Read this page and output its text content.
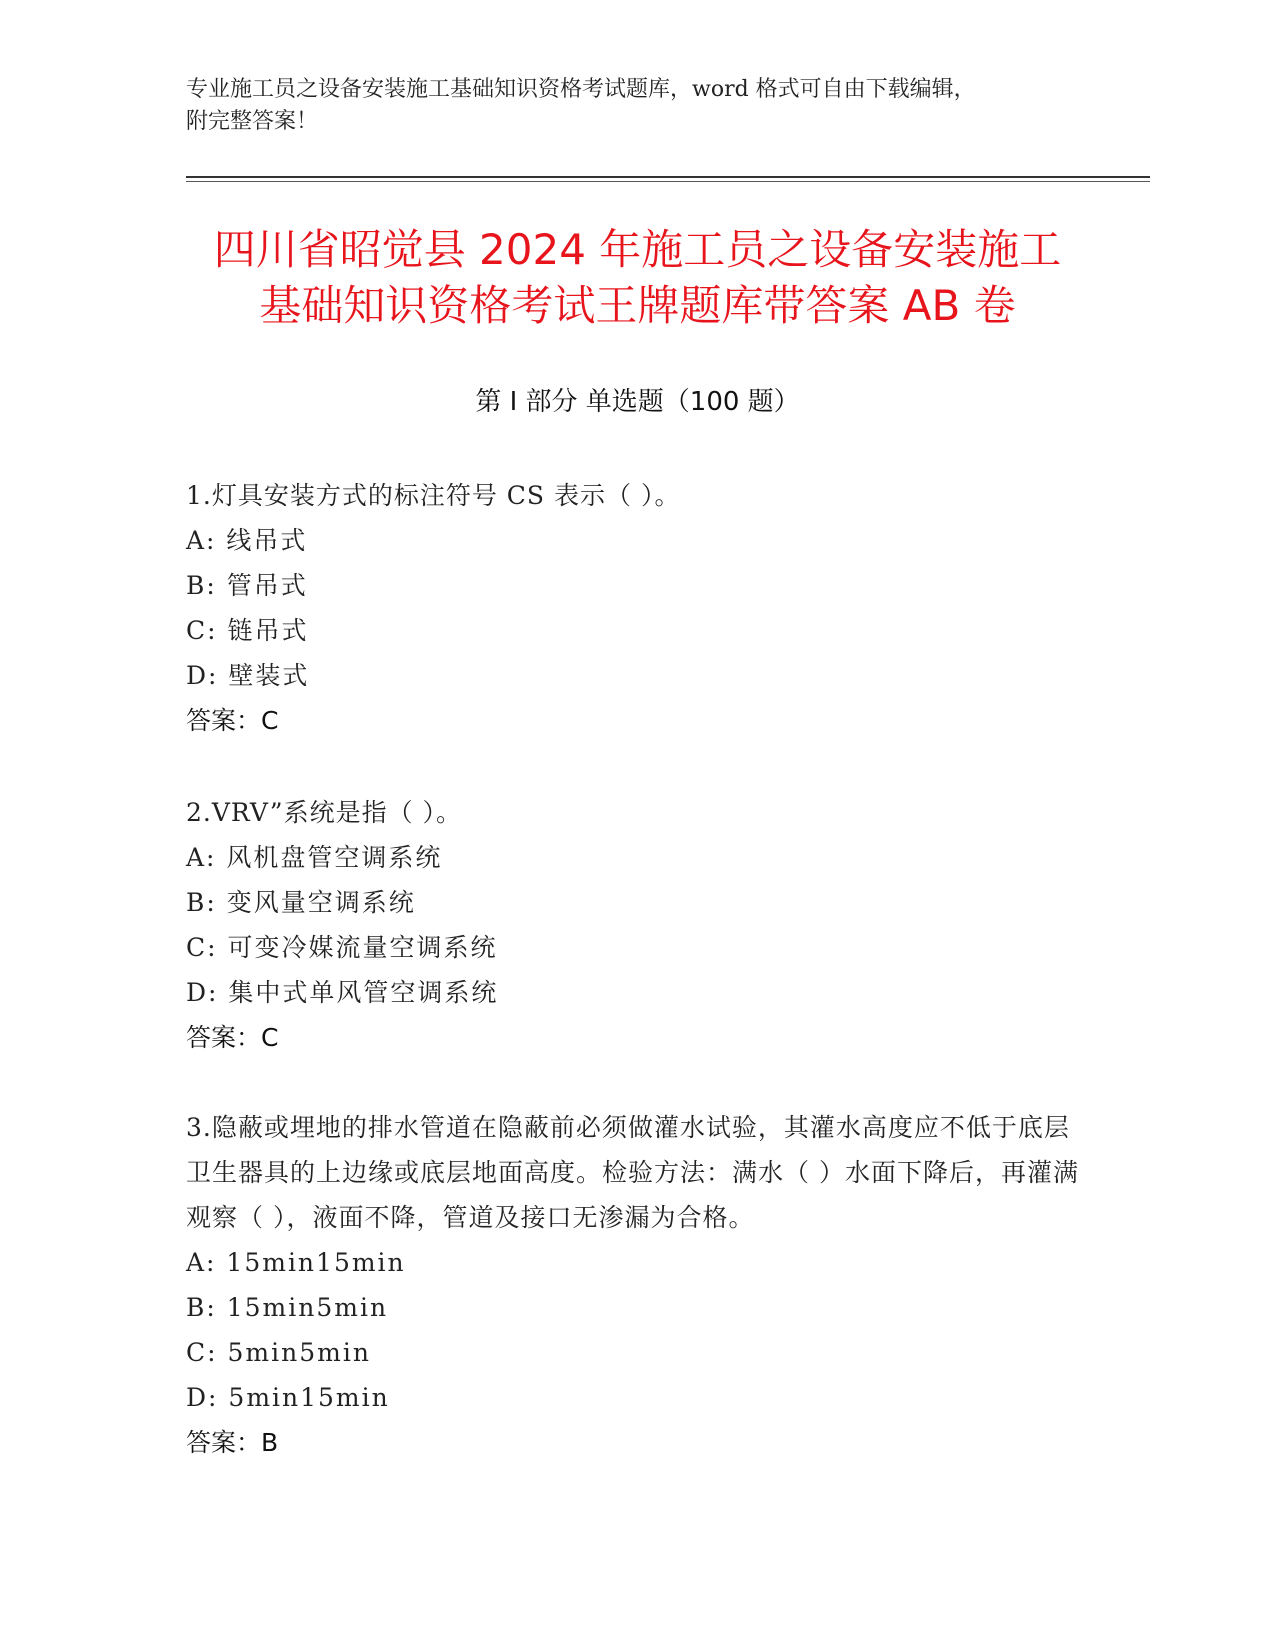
专业施工员之设备安装施工基础知识资格考试题库，word 格式可自由下载编辑，
附完整答案！
四川省昭觉县 2024 年施工员之设备安装施工
基础知识资格考试王牌题库带答案 AB 卷
第 I 部分 单选题（100 题）
1.灯具安装方式的标注符号 CS 表示（ ）。
A: 线吊式
B: 管吊式
C: 链吊式
D: 壁装式
答案：C
2.VRV”系统是指（ ）。
A: 风机盘管空调系统
B: 变风量空调系统
C: 可变冷媒流量空调系统
D: 集中式单风管空调系统
答案：C
3.隐蔽或埋地的排水管道在隐蔽前必须做灌水试验，其灌水高度应不低于底层卫生器具的上边缘或底层地面高度。检验方法：满水（ ）水面下降后，再灌满观察（ ），液面不降，管道及接口无渗漏为合格。
A: 15min15min
B: 15min5min
C: 5min5min
D: 5min15min
答案：B
